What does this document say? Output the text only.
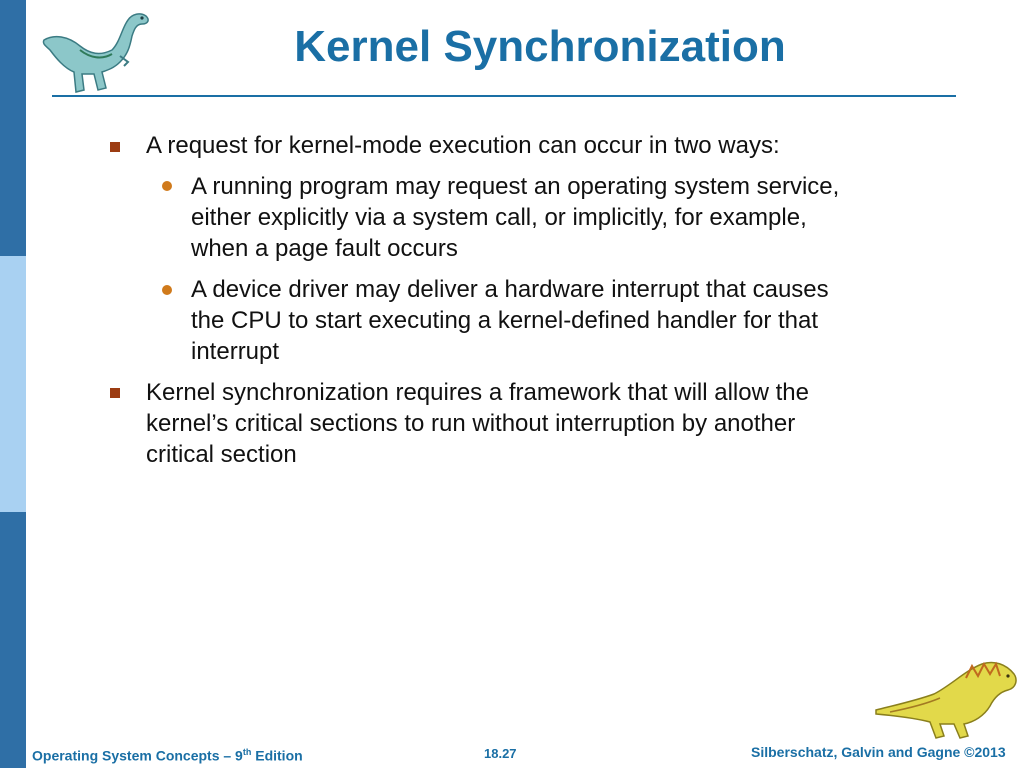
Kernel Synchronization
A request for kernel-mode execution can occur in two ways:
A running program may request an operating system service, either explicitly via a system call, or implicitly, for example, when a page fault occurs
A device driver may deliver a hardware interrupt that causes the CPU to start executing a kernel-defined handler for that interrupt
Kernel synchronization requires a framework that will allow the kernel’s critical sections to run without interruption by another critical section
Operating System Concepts – 9th Edition	18.27	Silberschatz, Galvin and Gagne ©2013
